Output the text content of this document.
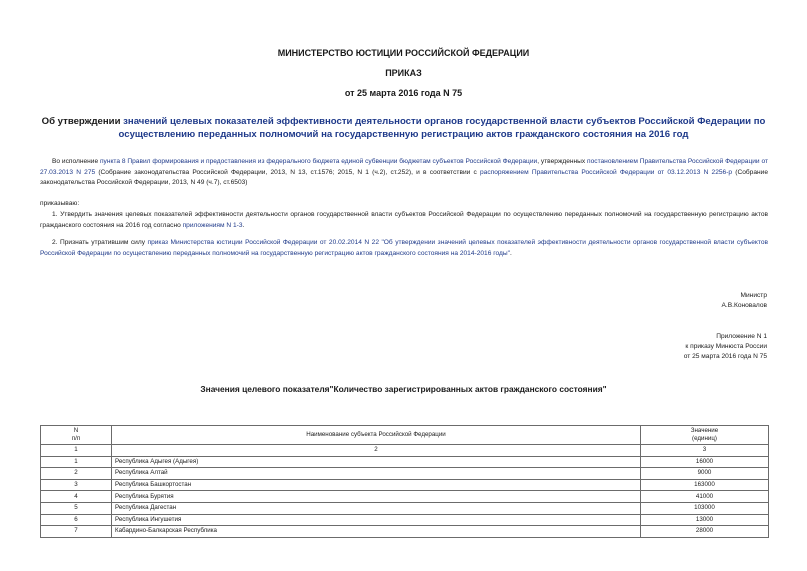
МИНИСТЕРСТВО ЮСТИЦИИ РОССИЙСКОЙ ФЕДЕРАЦИИ
ПРИКАЗ
от 25 марта 2016 года N 75
Об утверждении значений целевых показателей эффективности деятельности органов государственной власти субъектов Российской Федерации по осуществлению переданных полномочий на государственную регистрацию актов гражданского состояния на 2016 год
Во исполнение пункта 8 Правил формирования и предоставления из федерального бюджета единой субвенции бюджетам субъектов Российской Федерации, утвержденных постановлением Правительства Российской Федерации от 27.03.2013 N 275 (Собрание законодательства Российской Федерации, 2013, N 13, ст.1576; 2015, N 1 (ч.2), ст.252), и в соответствии с распоряжением Правительства Российской Федерации от 03.12.2013 N 2256-р (Собрание законодательства Российской Федерации, 2013, N 49 (ч.7), ст.6503)
приказываю:
1. Утвердить значения целевых показателей эффективности деятельности органов государственной власти субъектов Российской Федерации по осуществлению переданных полномочий на государственную регистрацию актов гражданского состояния на 2016 год согласно приложениям N 1-3.
2. Признать утратившим силу приказ Министерства юстиции Российской Федерации от 20.02.2014 N 22 "Об утверждении значений целевых показателей эффективности деятельности органов государственной власти субъектов Российской Федерации по осуществлению переданных полномочий на государственную регистрацию актов гражданского состояния на 2014-2016 годы".
Министр
А.В.Коновалов
Приложение N 1
к приказу Минюста России
от 25 марта 2016 года N 75
Значения целевого показателя"Количество зарегистрированных актов гражданского состояния"
N
п/п	Наименование субъекта Российской Федерации	Значение
(единиц)
1	2	3
1	Республика Адыгея (Адыгея)	16000
2	Республика Алтай	9000
3	Республика Башкортостан	163000
4	Республика Бурятия	41000
5	Республика Дагестан	103000
6	Республика Ингушетия	13000
7	Кабардино-Балкарская Республика	28000
